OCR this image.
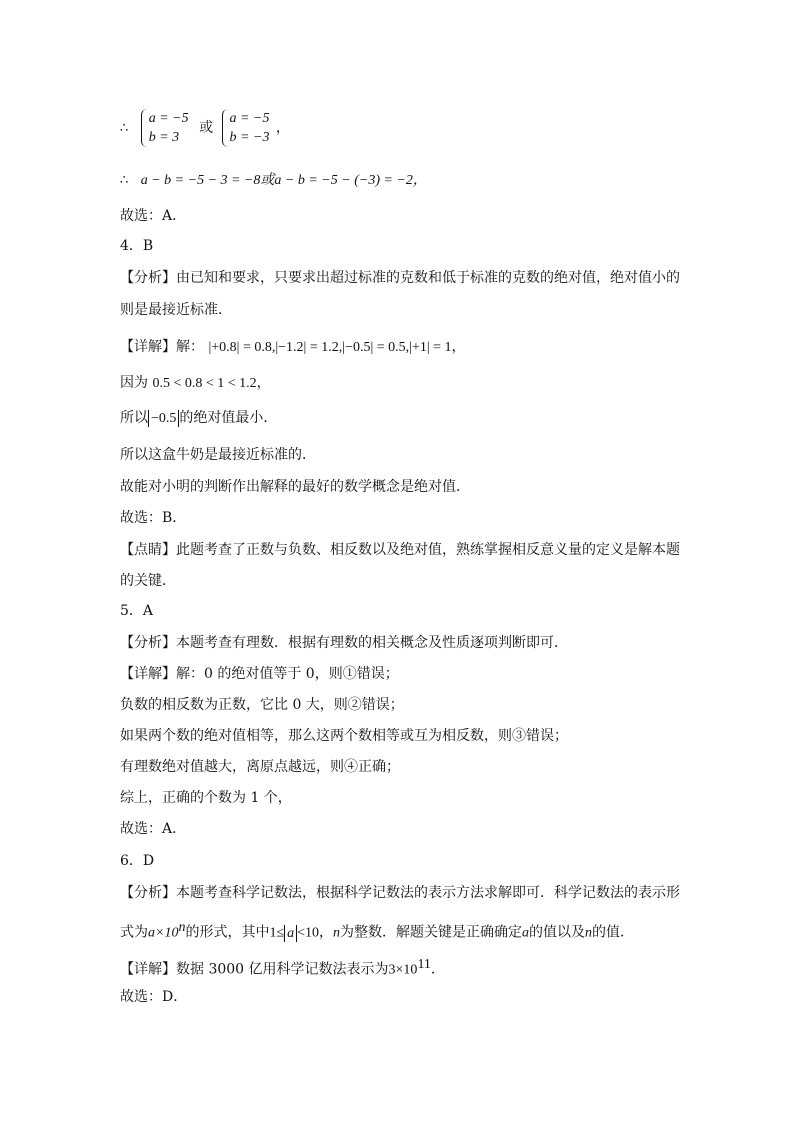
∴
a = −5
b = 3
或
a = −5
b = −3
，
∴ a − b = −5 − 3 = −8或a − b = −5 − (−3) = −2，
故选：A．
4．B
【分析】由已知和要求，只要求出超过标准的克数和低于标准的克数的绝对值，绝对值小的
则是最接近标准．
【详解】解： |+0.8| = 0.8,|−1.2| = 1.2,|−0.5| = 0.5,|+1| = 1，
因为 0.5 < 0.8 < 1 < 1.2，
所以 −0.5 的绝对值最小．
所以这盒牛奶是最接近标准的．
故能对小明的判断作出解释的最好的数学概念是绝对值．
故选：B．
【点睛】此题考查了正数与负数、相反数以及绝对值，熟练掌握相反意义量的定义是解本题
的关键．
5．A
【分析】本题考查有理数．根据有理数的相关概念及性质逐项判断即可．
【详解】解：0 的绝对值等于 0，则①错误；
负数的相反数为正数，它比 0 大，则②错误；
如果两个数的绝对值相等，那么这两个数相等或互为相反数，则③错误；
有理数绝对值越大，离原点越远，则④正确；
综上，正确的个数为 1 个，
故选：A．
6．D
【分析】本题考查科学记数法，根据科学记数法的表示方法求解即可．科学记数法的表示形
式为$a\times 10^n$的形式，其中1≤ a <10，n为整数．解题关键是正确确定a的值以及n的值．
【详解】数据 3000 亿用科学记数法表示为$3\times 10^{11}$．
故选：D．
